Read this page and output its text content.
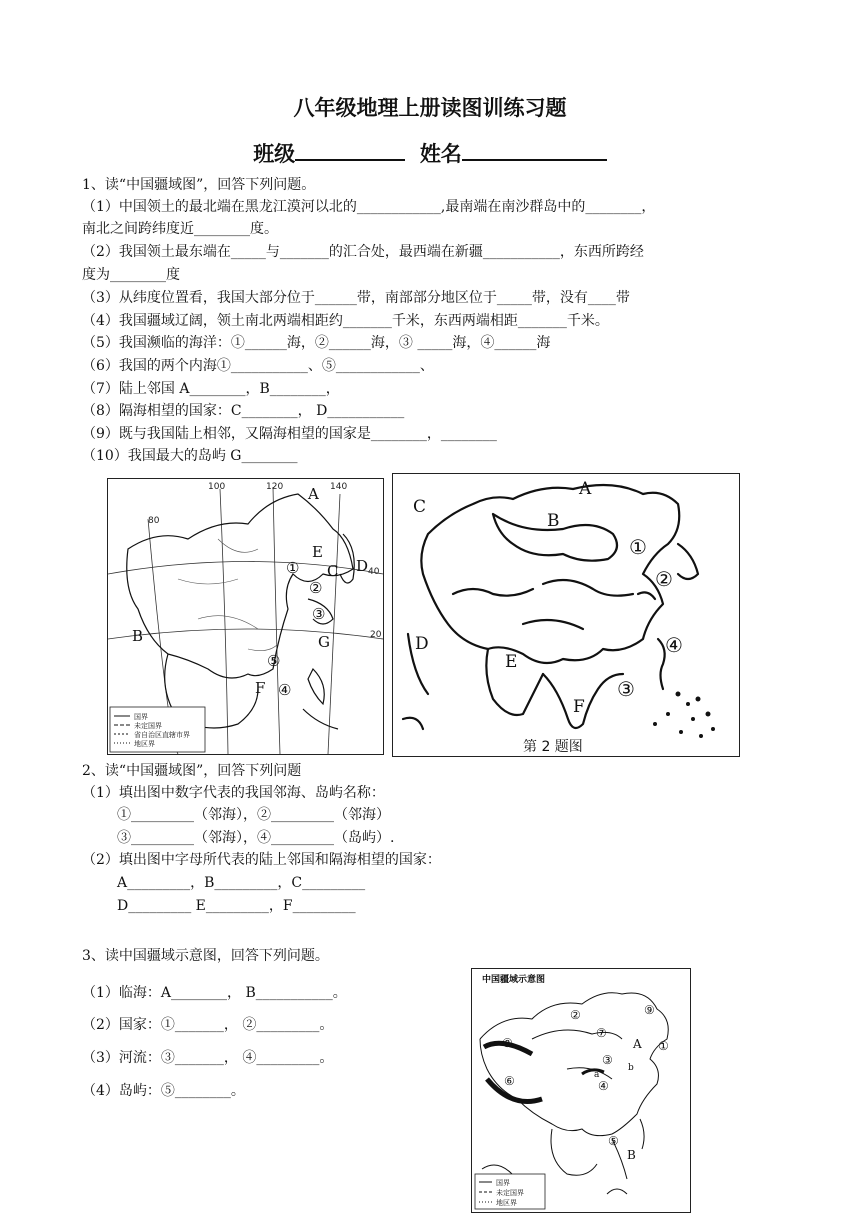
八年级地理上册读图训练习题
班级	姓名
1、读“中国疆域图”，回答下列问题。
（1）中国领土的最北端在黑龙江漠河以北的____________,最南端在南沙群岛中的________，
南北之间跨纬度近________度。
（2）我国领土最东端在_____与_______的汇合处，最西端在新疆___________，东西所跨经
度为________度
（3）从纬度位置看，我国大部分位于______带，南部部分地区位于_____带，没有____带
（4）我国疆域辽阔，领土南北两端相距约_______千米，东西两端相距_______千米。
（5）我国濒临的海洋：①______海，②______海，③ _____海，④______海
（6）我国的两个内海①___________、⑤____________、
（7）陆上邻国 A________，B________，
（8）隔海相望的国家：C________， D___________
（9）既与我国陆上相邻，又隔海相望的国家是________，________
（10）我国最大的岛屿 G________
国界
未定国界
省自治区直辖市界
地区界
80
100	120	140
40
20
A
B
C D
E
F
G
①
②
③
④
⑤
A
B
C
D
E
F
①
②
③
④
第 2 题图
2、读“中国疆域图”，回答下列问题
（1）填出图中数字代表的我国邻海、岛屿名称：
①_________（邻海），②_________（邻海）
③_________（邻海），④_________（岛屿）.
（2）填出图中字母所代表的陆上邻国和隔海相望的国家：
A_________，B_________，C_________
D_________ E_________，F_________
3、读中国疆域示意图，回答下列问题。
（1）临海：A________， B___________。
（2）国家：①_______， ②_________。
（3）河流：③_______， ④_________。
（4）岛屿：⑤________。
中国疆域示意图
国界
未定国界
地区界
①
②
④
⑤
⑥
⑦
⑧
⑨
③
A
B
a
b
